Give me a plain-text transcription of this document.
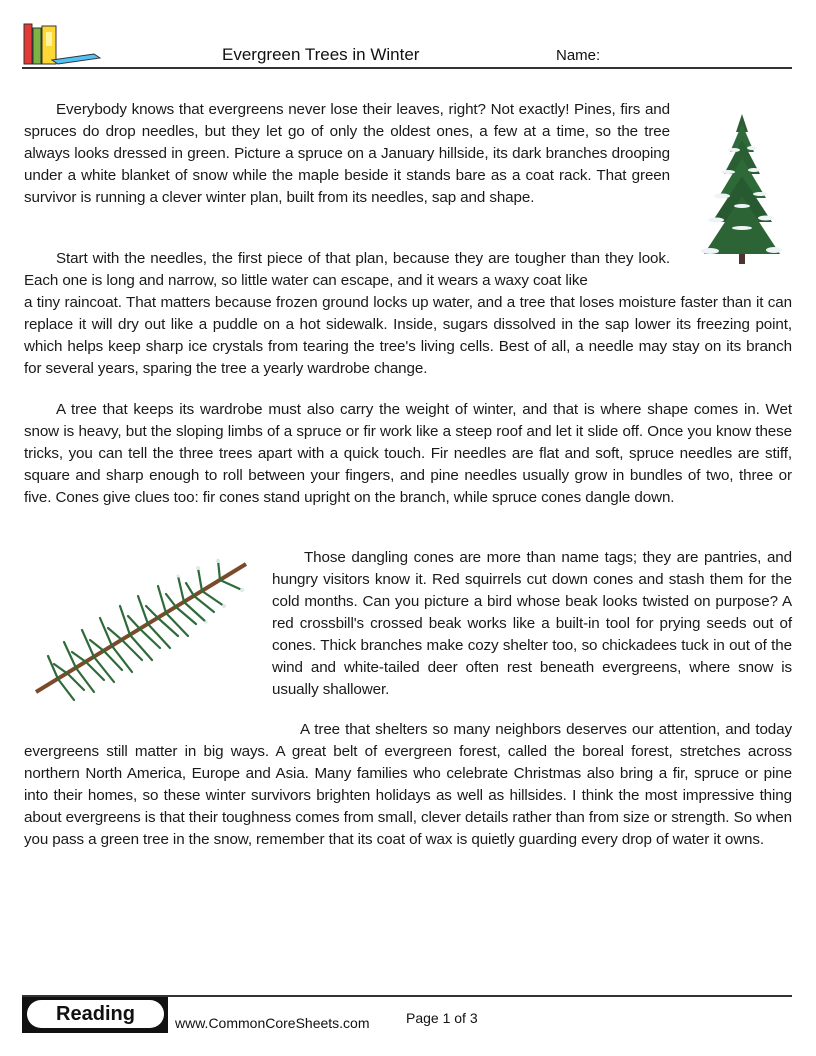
Evergreen Trees in Winter	Name:

Everybody knows that evergreens never lose their leaves, right? Not exactly! Pines, firs and spruces do drop needles, but they let go of only the oldest ones, a few at a time, so the tree always looks dressed in green. Picture a spruce on a January hillside, its dark branches drooping under a white blanket of snow while the maple beside it stands bare as a coat rack. That green survivor is running a clever winter plan, built from its needles, sap and shape.

Start with the needles, the first piece of that plan, because they are tougher than they look. Each one is long and narrow, so little water can escape, and it wears a waxy coat like

a tiny raincoat. That matters because frozen ground locks up water, and a tree that loses moisture faster than it can replace it will dry out like a puddle on a hot sidewalk. Inside, sugars dissolved in the sap lower its freezing point, which helps keep sharp ice crystals from tearing the tree's living cells. Best of all, a needle may stay on its branch for several years, sparing the tree a yearly wardrobe change.

A tree that keeps its wardrobe must also carry the weight of winter, and that is where shape comes in. Wet snow is heavy, but the sloping limbs of a spruce or fir work like a steep roof and let it slide off. Once you know these tricks, you can tell the three trees apart with a quick touch. Fir needles are flat and soft, spruce needles are stiff, square and sharp enough to roll between your fingers, and pine needles usually grow in bundles of two, three or five. Cones give clues too: fir cones stand upright on the branch, while spruce cones dangle down.

Those dangling cones are more than name tags; they are pantries, and hungry visitors know it. Red squirrels cut down cones and stash them for the cold months. Can you picture a bird whose beak looks twisted on purpose? A red crossbill's crossed beak works like a built-in tool for prying seeds out of cones. Thick branches make cozy shelter too, so chickadees tuck in out of the wind and white-tailed deer often rest beneath evergreens, where snow is usually shallower.

A tree that shelters so many neighbors deserves our attention, and today evergreens still matter in big ways. A great belt of evergreen forest, called the boreal forest, stretches across northern North America, Europe and Asia. Many families who celebrate Christmas also bring a fir, spruce or pine into their homes, so these winter survivors brighten holidays as well as hillsides. I think the most impressive thing about evergreens is that their toughness comes from small, clever details rather than from size or strength. So when you pass a green tree in the snow, remember that its coat of wax is quietly guarding every drop of water it owns.

Reading	www.CommonCoreSheets.com	Page 1 of 3
